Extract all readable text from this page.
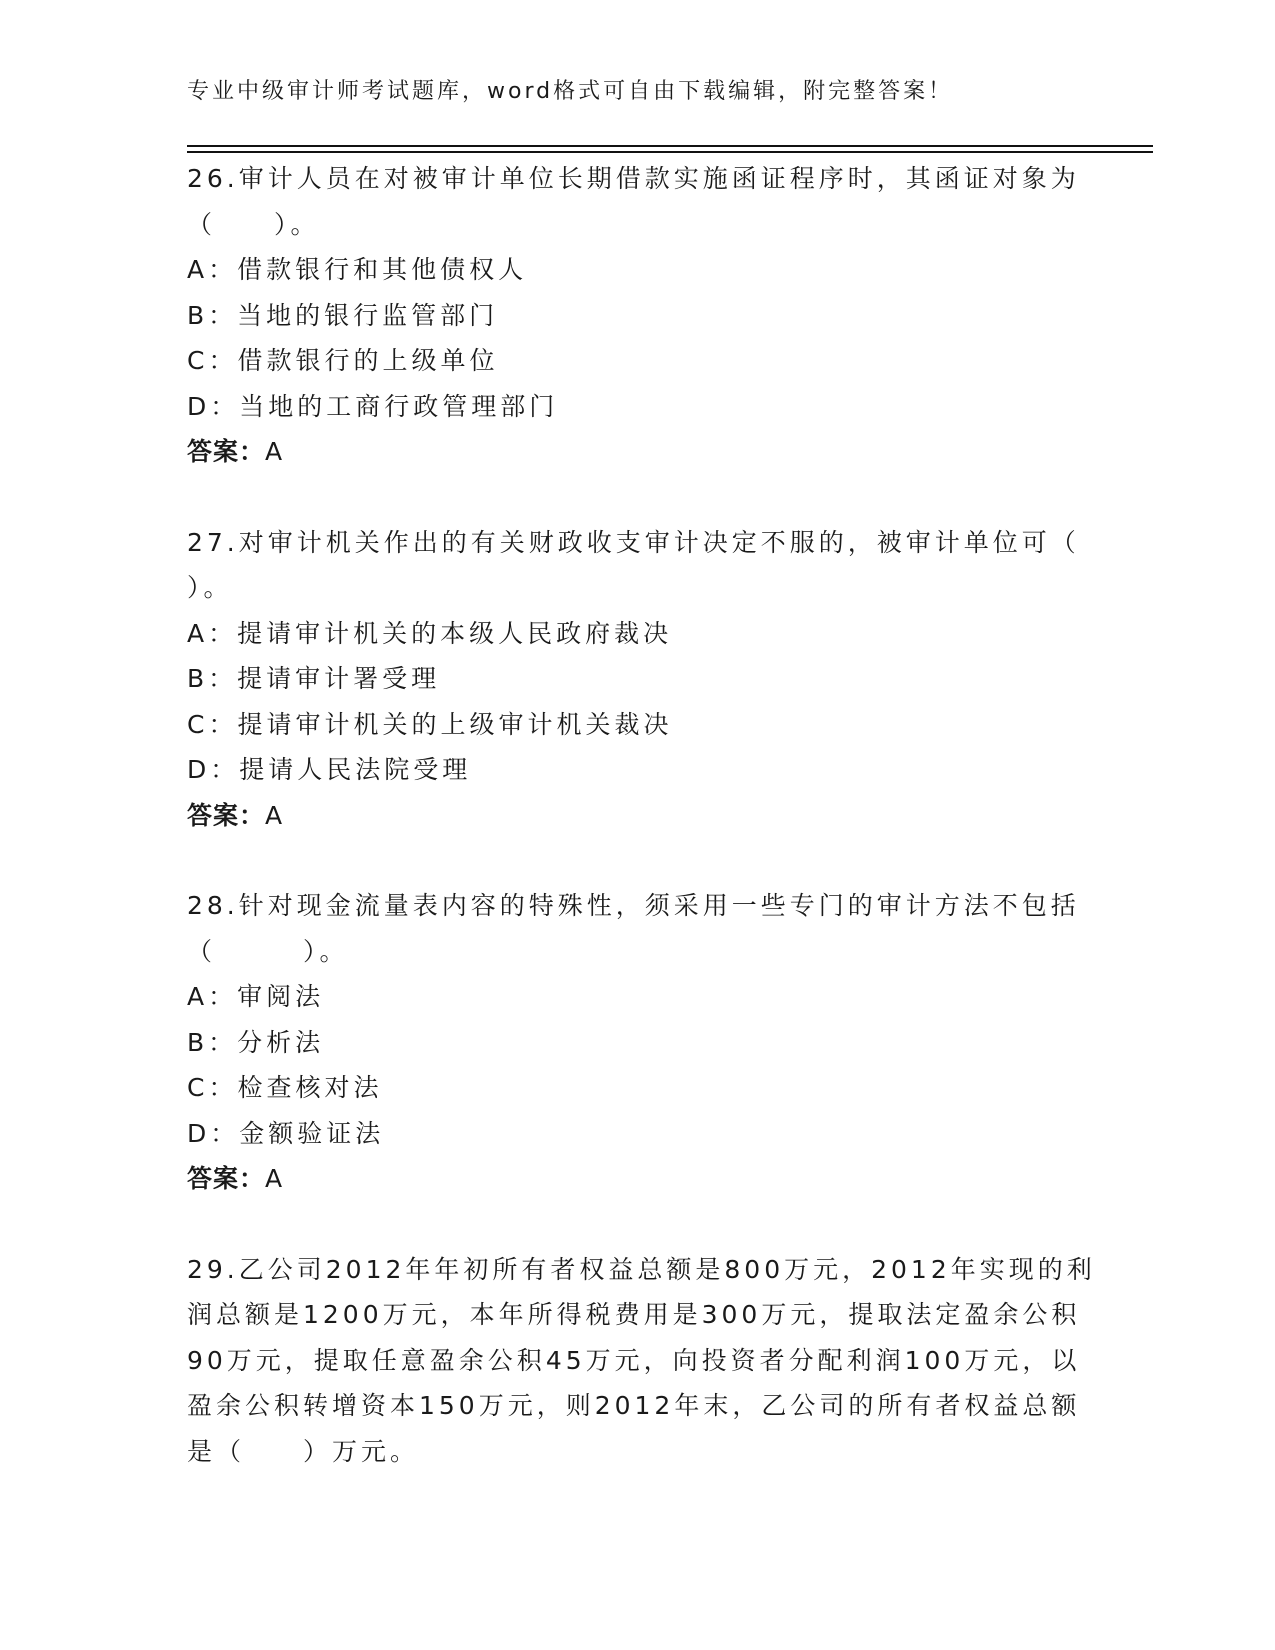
专业中级审计师考试题库，word格式可自由下载编辑，附完整答案！
26.审计人员在对被审计单位长期借款实施函证程序时，其函证对象为
（　　）。
A：借款银行和其他债权人
B：当地的银行监管部门
C：借款银行的上级单位
D：当地的工商行政管理部门
答案：A
27.对审计机关作出的有关财政收支审计决定不服的，被审计单位可（
）。
A：提请审计机关的本级人民政府裁决
B：提请审计署受理
C：提请审计机关的上级审计机关裁决
D：提请人民法院受理
答案：A
28.针对现金流量表内容的特殊性，须采用一些专门的审计方法不包括
（　　　）。
A：审阅法
B：分析法
C：检查核对法
D：金额验证法
答案：A
29.乙公司2012年年初所有者权益总额是800万元，2012年实现的利
润总额是1200万元，本年所得税费用是300万元，提取法定盈余公积
90万元，提取任意盈余公积45万元，向投资者分配利润100万元，以
盈余公积转增资本150万元，则2012年末，乙公司的所有者权益总额
是（　　）万元。
